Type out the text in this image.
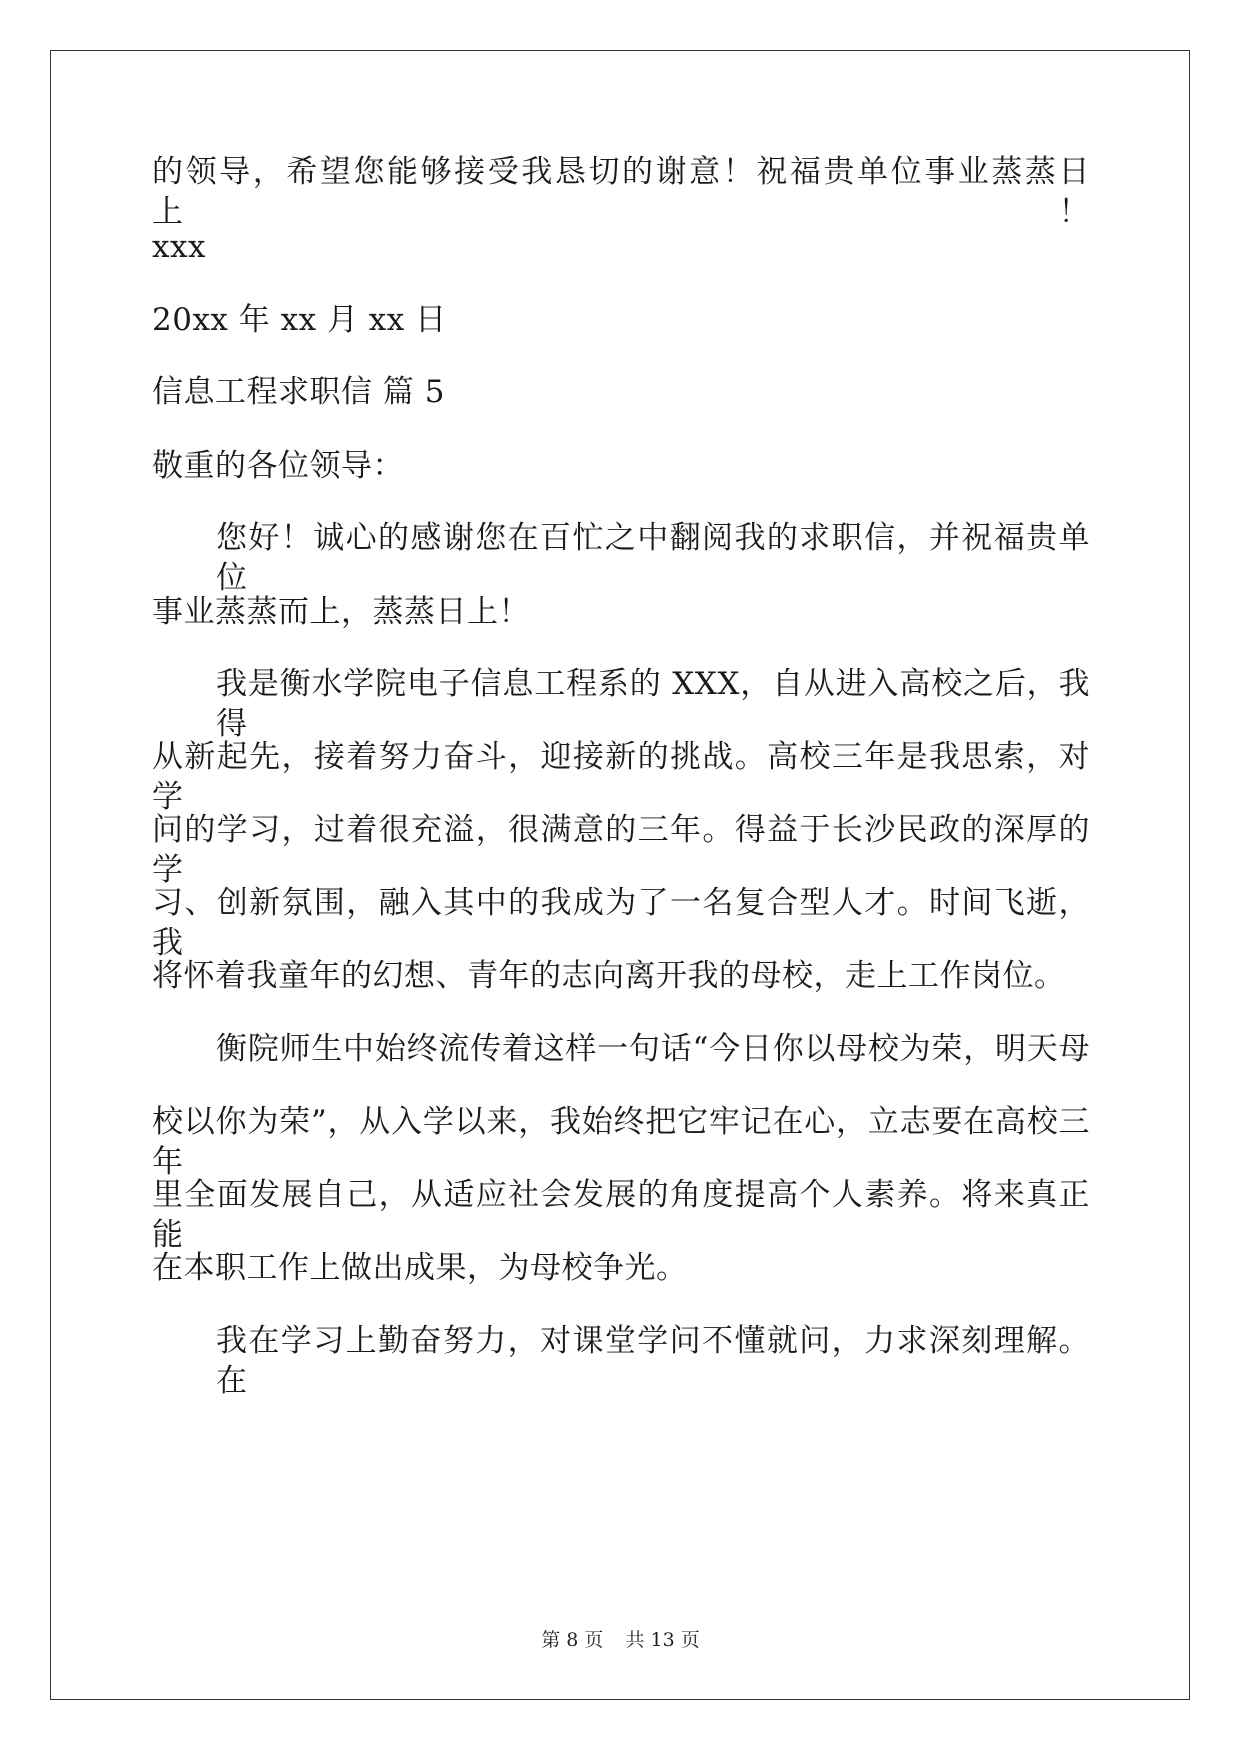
的领导，希望您能够接受我恳切的谢意！祝福贵单位事业蒸蒸日上！
xxx
20xx 年 xx 月 xx 日
信息工程求职信 篇 5
敬重的各位领导：
您好！诚心的感谢您在百忙之中翻阅我的求职信，并祝福贵单位
事业蒸蒸而上，蒸蒸日上！
我是衡水学院电子信息工程系的 XXX，自从进入高校之后，我得
从新起先，接着努力奋斗，迎接新的挑战。高校三年是我思索，对学
问的学习，过着很充溢，很满意的三年。得益于长沙民政的深厚的学
习、创新氛围，融入其中的我成为了一名复合型人才。时间飞逝，我
将怀着我童年的幻想、青年的志向离开我的母校，走上工作岗位。
衡院师生中始终流传着这样一句话“今日你以母校为荣，明天母
校以你为荣”，从入学以来，我始终把它牢记在心，立志要在高校三年
里全面发展自己，从适应社会发展的角度提高个人素养。将来真正能
在本职工作上做出成果，为母校争光。
我在学习上勤奋努力，对课堂学问不懂就问，力求深刻理解。在
第 8 页 共 13 页
